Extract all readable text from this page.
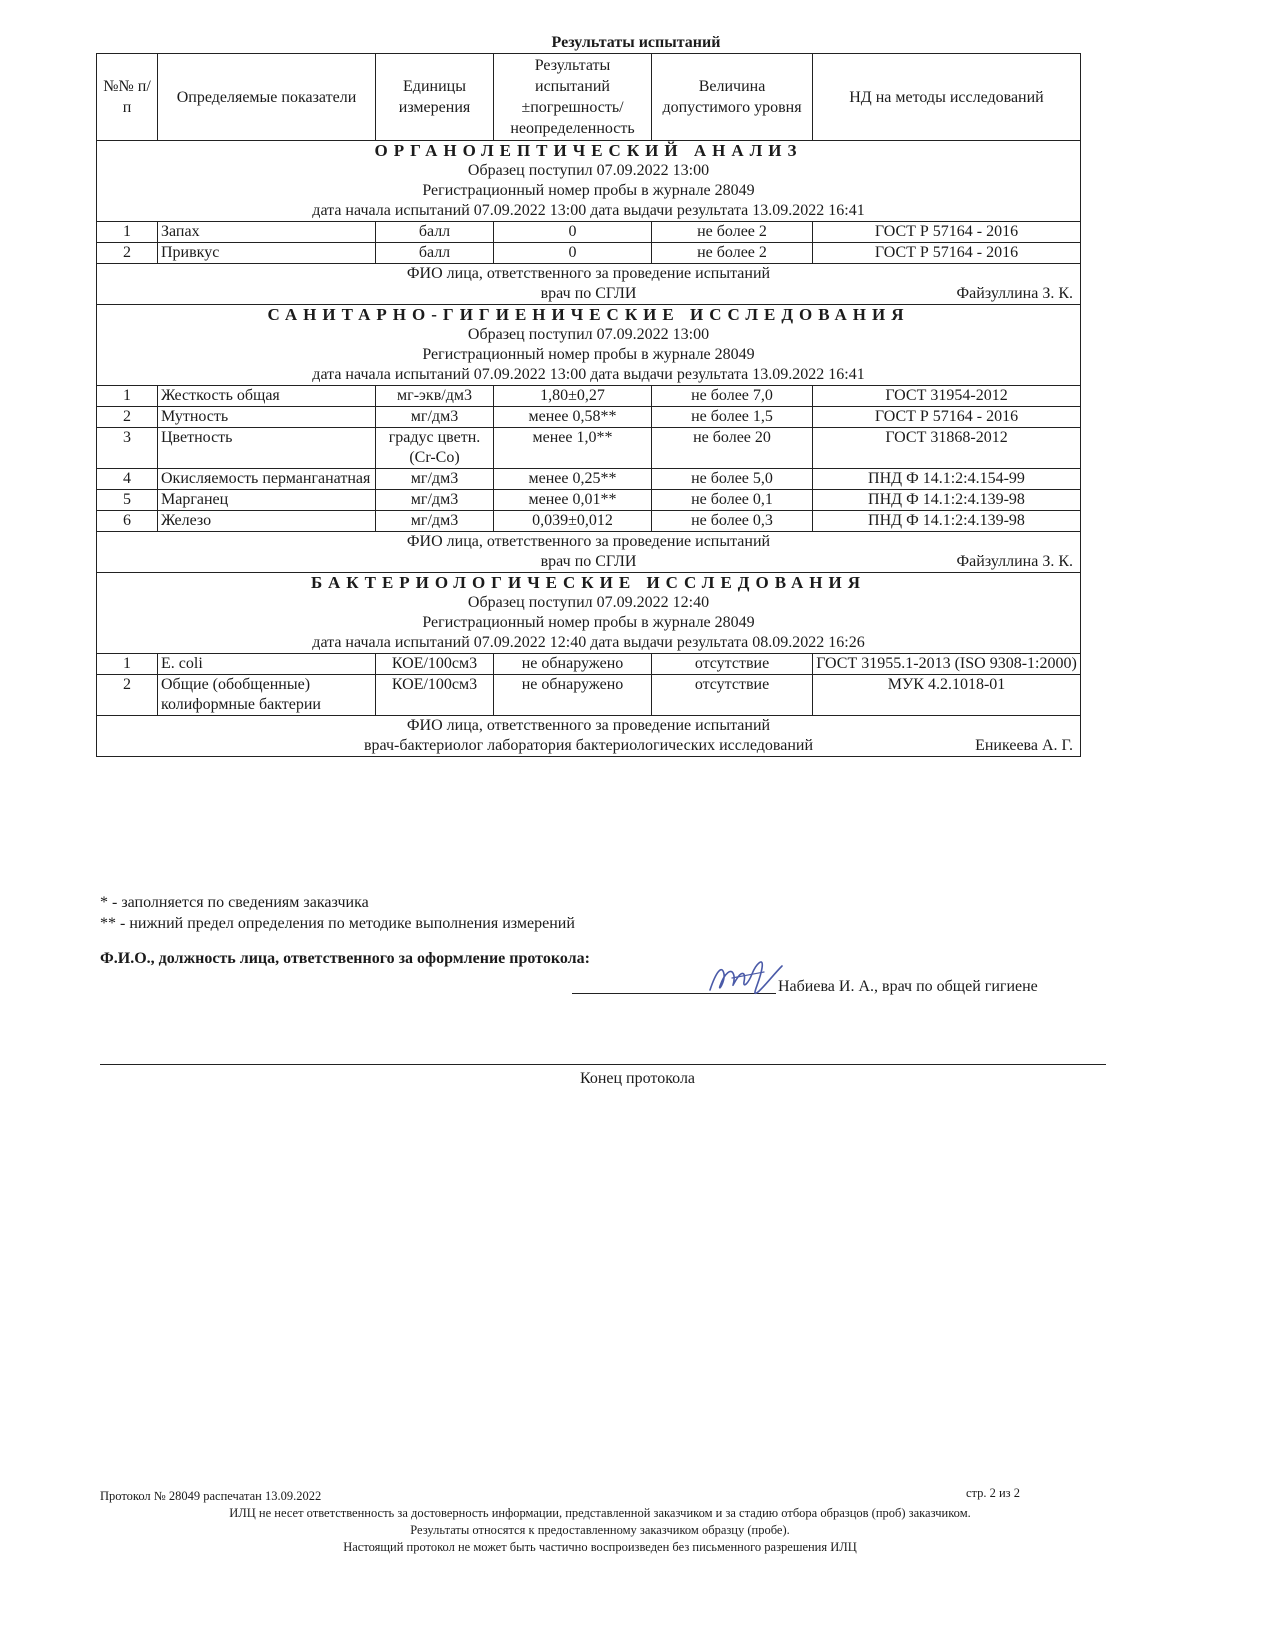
Результаты испытаний
№№ п/п	Определяемые показатели	Единицы измерения	Результаты испытаний ±погрешность/ неопределенность	Величина допустимого уровня	НД на методы исследований

ОРГАНОЛЕПТИЧЕСКИЙ АНАЛИЗ
Образец поступил 07.09.2022 13:00
Регистрационный номер пробы в журнале 28049
дата начала испытаний 07.09.2022 13:00 дата выдачи результата 13.09.2022 16:41					

1	Запах	балл	0	не более 2	ГОСТ Р 57164 - 2016
2	Привкус	балл	0	не более 2	ГОСТ Р 57164 - 2016

ФИО лица, ответственного за проведение испытаний
врач по СГЛИ Файзуллина З. К.					

САНИТАРНО-ГИГИЕНИЧЕСКИЕ ИССЛЕДОВАНИЯ
Образец поступил 07.09.2022 13:00
Регистрационный номер пробы в журнале 28049
дата начала испытаний 07.09.2022 13:00 дата выдачи результата 13.09.2022 16:41					

1	Жесткость общая	мг-экв/дм3	1,80±0,27	не более 7,0	ГОСТ 31954-2012
2	Мутность	мг/дм3	менее 0,58**	не более 1,5	ГОСТ Р 57164 - 2016
3	Цветность	градус цветн.(Cr-Co)	менее 1,0**	не более 20	ГОСТ 31868-2012
4	Окисляемость перманганатная	мг/дм3	менее 0,25**	не более 5,0	ПНД Ф 14.1:2:4.154-99
5	Марганец	мг/дм3	менее 0,01**	не более 0,1	ПНД Ф 14.1:2:4.139-98
6	Железо	мг/дм3	0,039±0,012	не более 0,3	ПНД Ф 14.1:2:4.139-98

ФИО лица, ответственного за проведение испытаний
врач по СГЛИ Файзуллина З. К.					

БАКТЕРИОЛОГИЧЕСКИЕ ИССЛЕДОВАНИЯ
Образец поступил 07.09.2022 12:40
Регистрационный номер пробы в журнале 28049
дата начала испытаний 07.09.2022 12:40 дата выдачи результата 08.09.2022 16:26					

1	E. coli	КОЕ/100см3	не обнаружено	отсутствие	ГОСТ 31955.1-2013 (ISO 9308-1:2000)
2	Общие (обобщенные) колиформные бактерии	КОЕ/100см3	не обнаружено	отсутствие	МУК 4.2.1018-01

ФИО лица, ответственного за проведение испытаний
врач-бактериолог лаборатория бактериологических исследований Еникеева А. Г.					
* - заполняется по сведениям заказчика
** - нижний предел определения по методике выполнения измерений
Ф.И.О., должность лица, ответственного за оформление протокола:
Набиева И. А., врач по общей гигиене
Конец протокола
Протокол № 28049 распечатан 13.09.2022	стр. 2 из 2
ИЛЦ не несет ответственность за достоверность информации, представленной заказчиком и за стадию отбора образцов (проб) заказчиком.
Результаты относятся к предоставленному заказчиком образцу (пробе).
Настоящий протокол не может быть частично воспроизведен без письменного разрешения ИЛЦ
